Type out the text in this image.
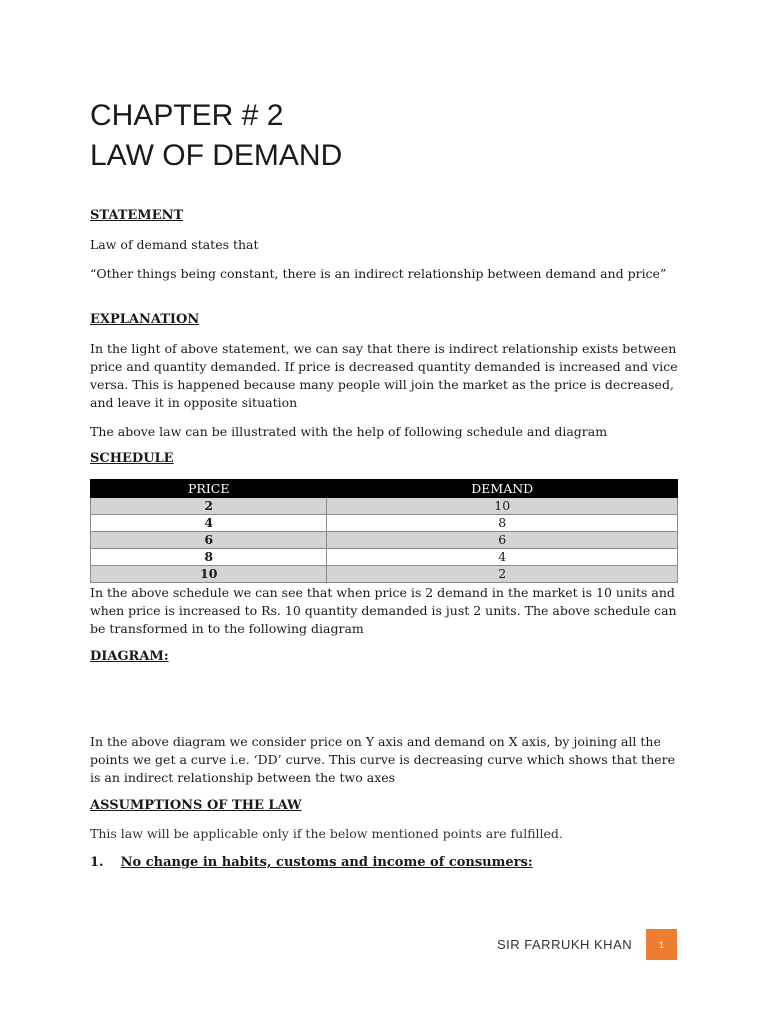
CHAPTER # 2
LAW OF DEMAND
STATEMENT
Law of demand states that
“Other things being constant, there is an indirect relationship between demand and price”
EXPLANATION
In the light of above statement, we can say that there is indirect relationship exists between price and quantity demanded. If price is decreased quantity demanded is increased and vice versa. This is happened because many people will join the market as the price is decreased, and leave it in opposite situation
The above law can be illustrated with the help of following schedule and diagram
SCHEDULE
PRICE	DEMAND
2	10
4	8
6	6
8	4
10	2
In the above schedule we can see that when price is 2 demand in the market is 10 units and when price is increased to Rs. 10 quantity demanded is just 2 units. The above schedule can be transformed in to the following diagram
DIAGRAM:
In the above diagram we consider price on Y axis and demand on X axis, by joining all the points we get a curve i.e. ‘DD’ curve. This curve is decreasing curve which shows that there is an indirect relationship between the two axes
ASSUMPTIONS OF THE LAW
This law will be applicable only if the below mentioned points are fulfilled.
1. No change in habits, customs and income of consumers:
SIR FARRUKH KHAN	1
